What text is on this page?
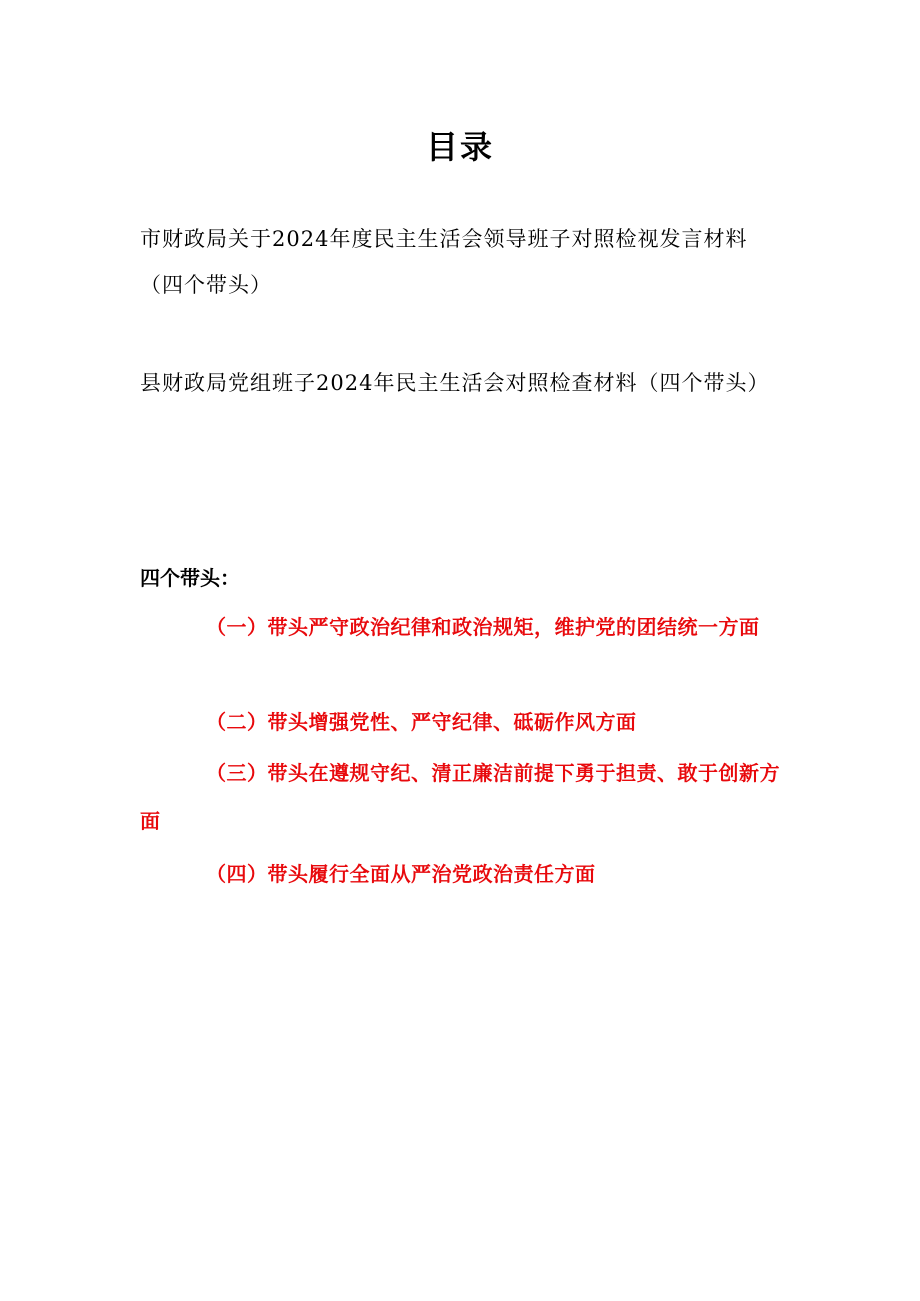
目录
市财政局关于2024年度民主生活会领导班子对照检视发言材料（四个带头）
县财政局党组班子2024年民主生活会对照检查材料（四个带头）
四个带头：
（一）带头严守政治纪律和政治规矩，维护党的团结统一方面
（二）带头增强党性、严守纪律、砥砺作风方面
（三）带头在遵规守纪、清正廉洁前提下勇于担责、敢于创新方面
（四）带头履行全面从严治党政治责任方面
